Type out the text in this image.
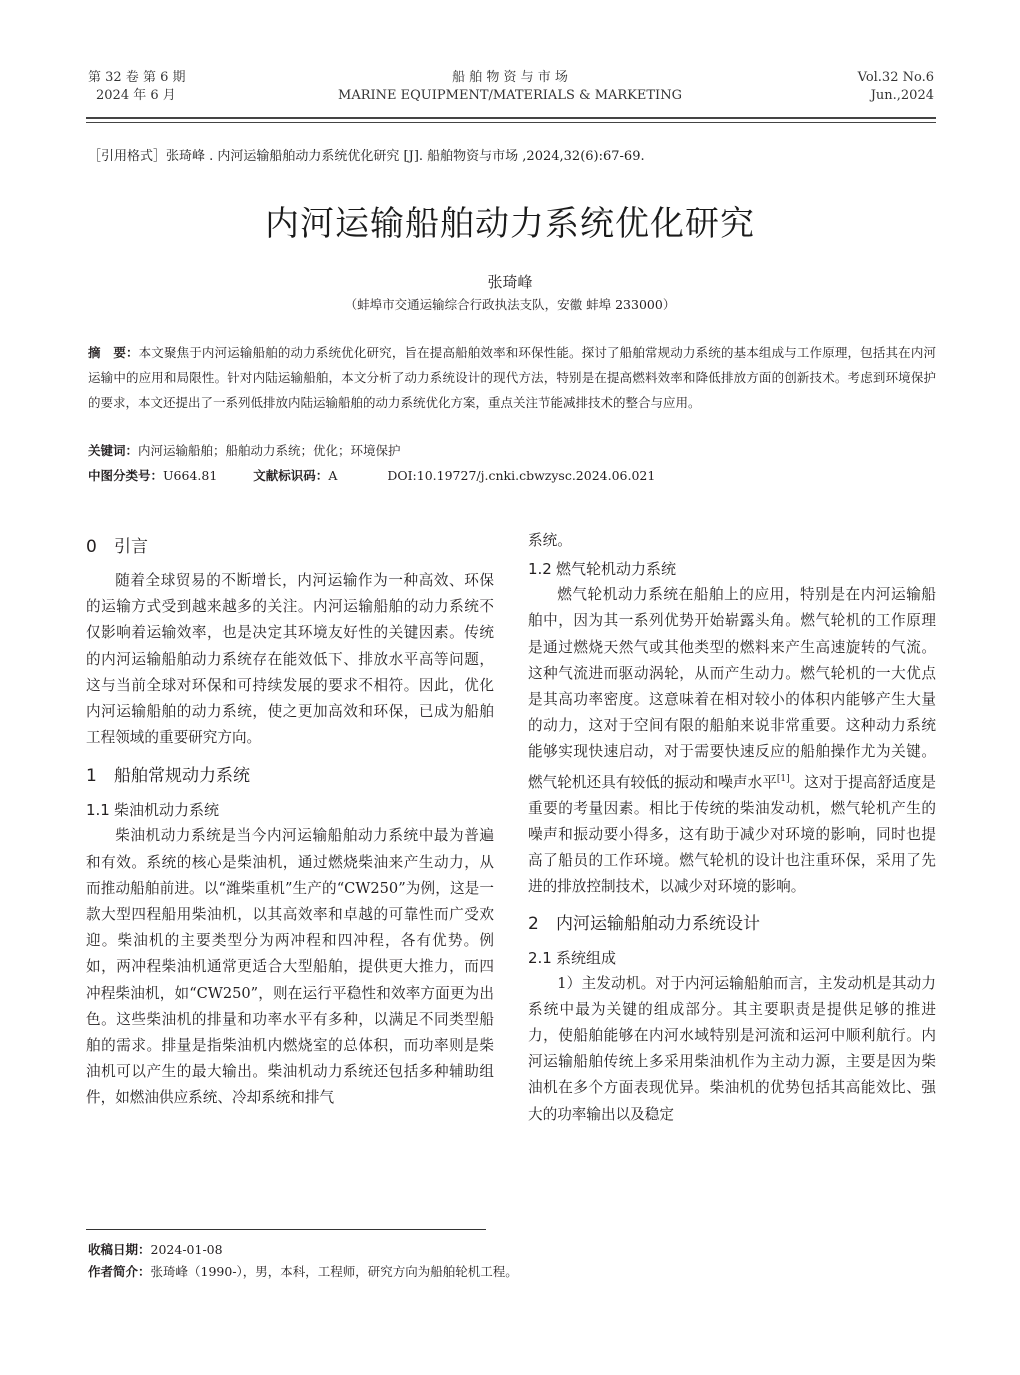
第 32 卷 第 6 期
2024 年 6 月
船 舶 物 资 与 市 场
MARINE EQUIPMENT/MATERIALS & MARKETING
Vol.32 No.6
Jun.,2024
［引用格式］张琦峰 . 内河运输船舶动力系统优化研究 [J]. 船舶物资与市场 ,2024,32(6):67-69.
内河运输船舶动力系统优化研究
张琦峰
（蚌埠市交通运输综合行政执法支队，安徽 蚌埠 233000）
摘　要：本文聚焦于内河运输船舶的动力系统优化研究，旨在提高船舶效率和环保性能。探讨了船舶常规动力系统的基本组成与工作原理，包括其在内河运输中的应用和局限性。针对内陆运输船舶，本文分析了动力系统设计的现代方法，特别是在提高燃料效率和降低排放方面的创新技术。考虑到环境保护的要求，本文还提出了一系列低排放内陆运输船舶的动力系统优化方案，重点关注节能减排技术的整合与应用。
关键词：内河运输船舶；船舶动力系统；优化；环境保护
中图分类号：U664.81	文献标识码：A	DOI:10.19727/j.cnki.cbwzysc.2024.06.021
0 引言

随着全球贸易的不断增长，内河运输作为一种高效、环保的运输方式受到越来越多的关注。内河运输船舶的动力系统不仅影响着运输效率，也是决定其环境友好性的关键因素。传统的内河运输船舶动力系统存在能效低下、排放水平高等问题，这与当前全球对环保和可持续发展的要求不相符。因此，优化内河运输船舶的动力系统，使之更加高效和环保，已成为船舶工程领域的重要研究方向。

1 船舶常规动力系统
1.1 柴油机动力系统

柴油机动力系统是当今内河运输船舶动力系统中最为普遍和有效。系统的核心是柴油机，通过燃烧柴油来产生动力，从而推动船舶前进。以“潍柴重机”生产的“CW250”为例，这是一款大型四程船用柴油机，以其高效率和卓越的可靠性而广受欢迎。柴油机的主要类型分为两冲程和四冲程，各有优势。例如，两冲程柴油机通常更适合大型船舶，提供更大推力，而四冲程柴油机，如“CW250”，则在运行平稳性和效率方面更为出色。这些柴油机的排量和功率水平有多种，以满足不同类型船舶的需求。排量是指柴油机内燃烧室的总体积，而功率则是柴油机可以产生的最大输出。柴油机动力系统还包括多种辅助组件，如燃油供应系统、冷却系统和排气

系统。

1.2 燃气轮机动力系统

燃气轮机动力系统在船舶上的应用，特别是在内河运输船舶中，因为其一系列优势开始崭露头角。燃气轮机的工作原理是通过燃烧天然气或其他类型的燃料来产生高速旋转的气流。这种气流进而驱动涡轮，从而产生动力。燃气轮机的一大优点是其高功率密度。这意味着在相对较小的体积内能够产生大量的动力，这对于空间有限的船舶来说非常重要。这种动力系统能够实现快速启动，对于需要快速反应的船舶操作尤为关键。燃气轮机还具有较低的振动和噪声水平[1]。这对于提高舒适度是重要的考量因素。相比于传统的柴油发动机，燃气轮机产生的噪声和振动要小得多，这有助于减少对环境的影响，同时也提高了船员的工作环境。燃气轮机的设计也注重环保，采用了先进的排放控制技术，以减少对环境的影响。

2 内河运输船舶动力系统设计
2.1 系统组成

1）主发动机。对于内河运输船舶而言，主发动机是其动力系统中最为关键的组成部分。其主要职责是提供足够的推进力，使船舶能够在内河水域特别是河流和运河中顺利航行。内河运输船舶传统上多采用柴油机作为主动力源，主要是因为柴油机在多个方面表现优异。柴油机的优势包括其高能效比、强大的功率输出以及稳定

收稿日期：2024-01-08
作者简介：张琦峰（1990-），男，本科，工程师，研究方向为船舶轮机工程。
